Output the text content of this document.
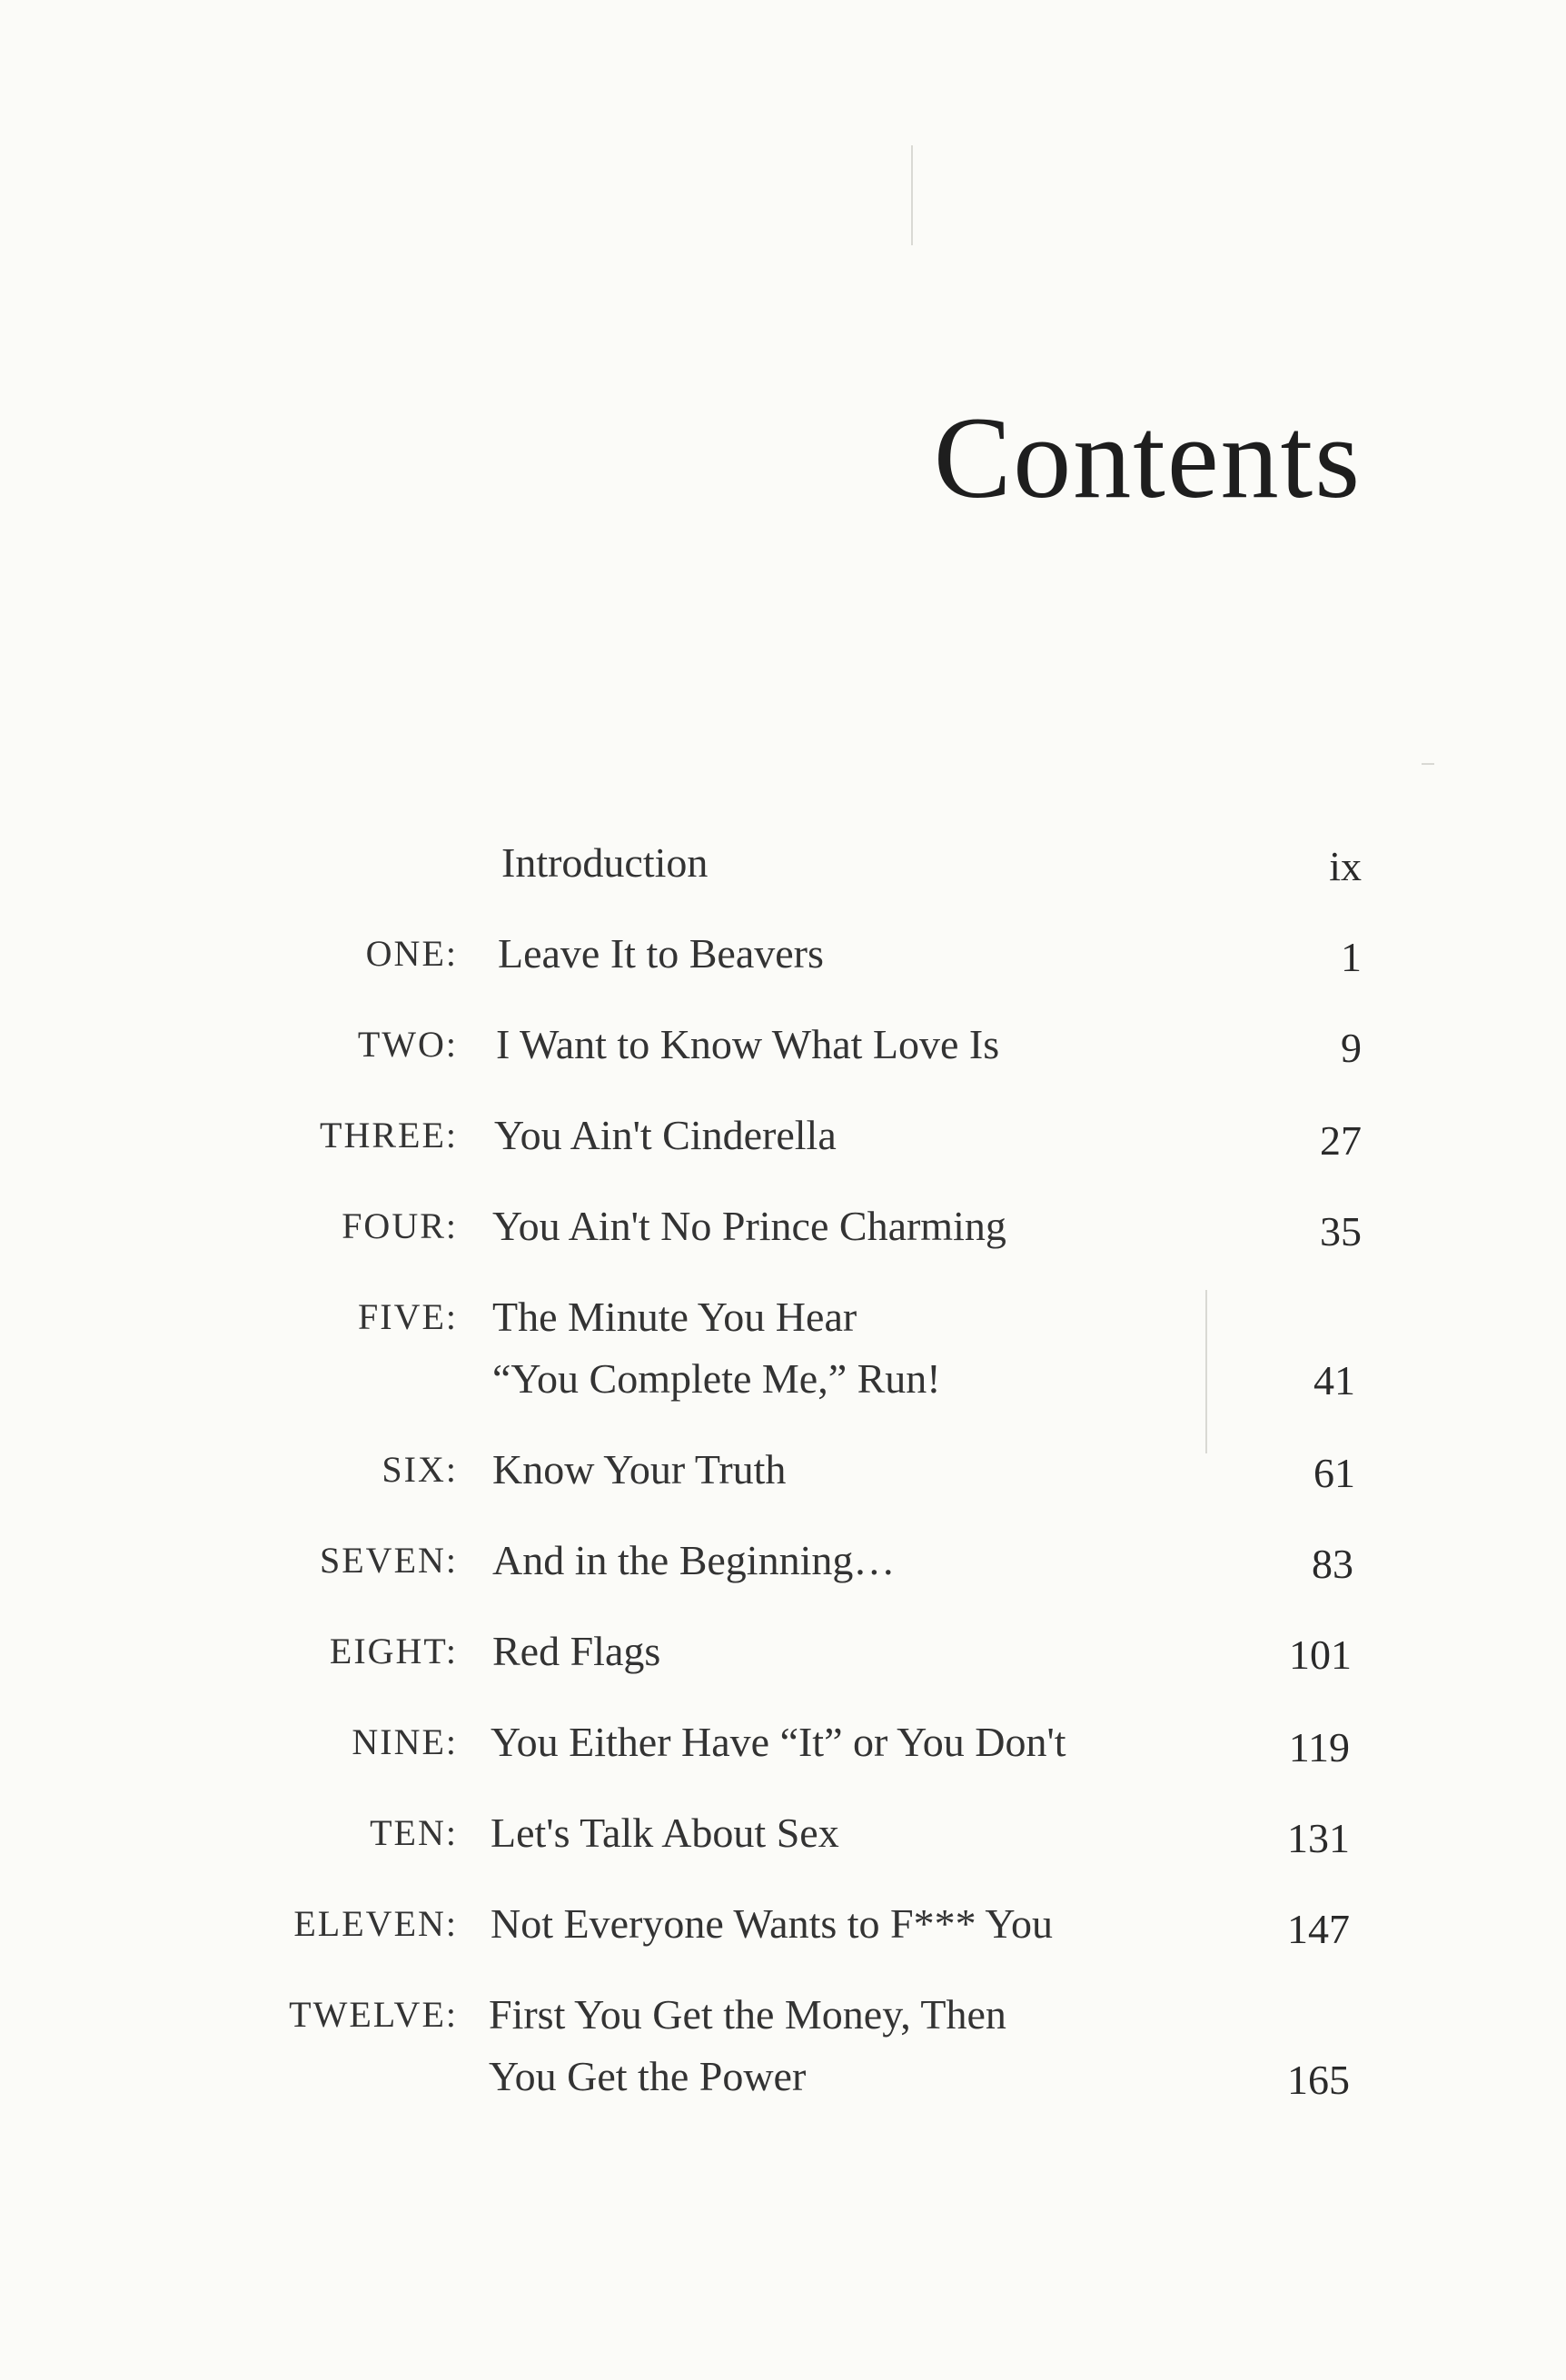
Contents
Introduction	ix
ONE: Leave It to Beavers	1
TWO: I Want to Know What Love Is	9
THREE: You Ain't Cinderella	27
FOUR: You Ain't No Prince Charming	35
FIVE: The Minute You Hear
“You Complete Me,” Run!	41
SIX: Know Your Truth	61
SEVEN: And in the Beginning…	83
EIGHT: Red Flags	101
NINE: You Either Have “It” or You Don't	119
TEN: Let's Talk About Sex	131
ELEVEN: Not Everyone Wants to F*** You	147
TWELVE: First You Get the Money, Then
You Get the Power	165
